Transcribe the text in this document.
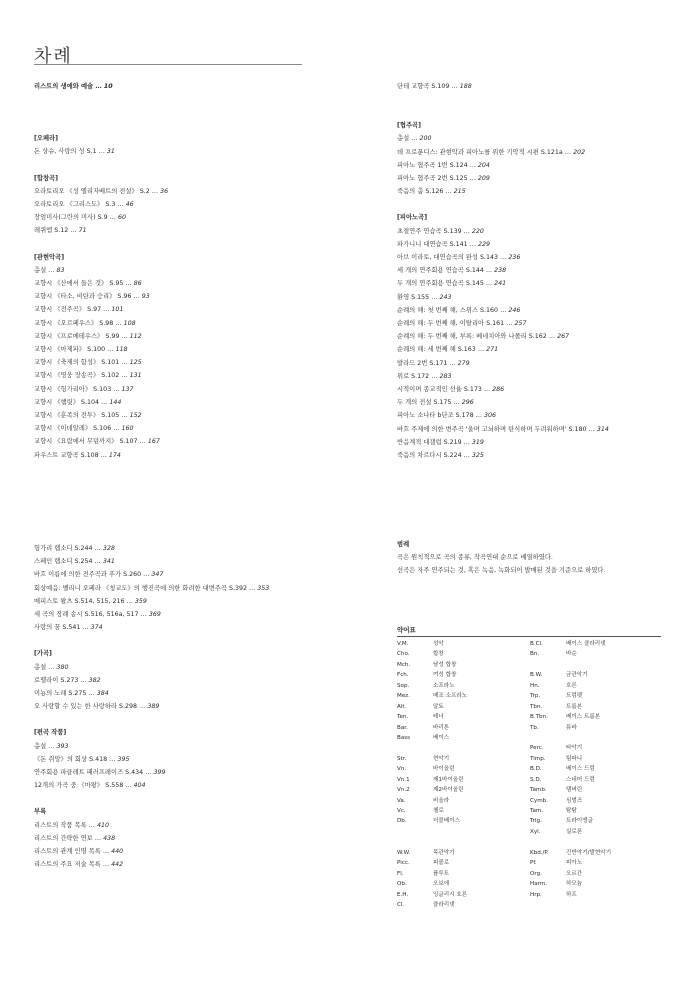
차례
리스트의 생애와 예술 … 10
[오페라]
돈 상슈, 사랑의 성 S.1 … 31
[합창곡]
오라토리오 《성 엘리자베트의 전설》 S.2 … 36
오라토리오 《그리스도》 S.3 … 46
장엄미사(그란의 미사) S.9 … 60
레퀴엠 S.12 … 71
[관현악곡]
총설 … 83
교향시 《산에서 들은 것》 S.95 … 86
교향시 《타소, 비탄과 승리》 S.96 … 93
교향시 《전주곡》 S.97 … 101
교향시 《오르페우스》 S.98 … 108
교향시 《프로메테우스》 S.99 … 112
교향시 《마제파》 S.100 … 118
교향시 《축제의 함성》 S.101 … 125
교향시 《영웅 장송곡》 S.102 … 131
교향시 《헝가리아》 S.103 … 137
교향시 《햄릿》 S.104 … 144
교향시 《훈족의 전투》 S.105 … 152
교향시 《이데알레》 S.106 … 160
교향시 《요람에서 무덤까지》 S.107 … 167
파우스트 교향곡 S.108 … 174
단테 교향곡 S.109 … 188
[협주곡]
총설 … 200
데 프로푼디스: 관현악과 피아노를 위한 기악적 시편 S.121a … 202
피아노 협주곡 1번 S.124 … 204
피아노 협주곡 2번 S.125 … 209
죽음의 춤 S.126 … 215
[피아노곡]
초절연주 연습곡 S.139 … 220
파가니니 대연습곡 S.141 … 229
아브 이라토, 대연습곡의 완성 S.143 … 236
세 개의 연주회용 연습곡 S.144 … 238
두 개의 연주회용 연습곡 S.145 … 241
환영 S.155 … 243
순례의 해: 첫 번째 해, 스위스 S.160 … 246
순례의 해: 두 번째 해, 이탈리아 S.161 … 257
순례의 해: 두 번째 해, 부록: 베네치아와 나폴리 S.162 … 267
순례의 해: 세 번째 해 S.163 … 271
발라드 2번 S.171 … 279
위로 S.172 … 283
시적이며 종교적인 선율 S.173 … 286
두 개의 전설 S.175 … 296
피아노 소나타 b단조 S.178 … 306
바흐 주제에 의한 변주곡 '울며 고뇌하며 탄식하며 두려워하며' S.180 … 314
반음계적 대갤럽 S.219 … 319
죽음의 차르다시 S.224 … 325
헝가리 랩소디 S.244 … 328
스페인 랩소디 S.254 … 341
바흐 이름에 의한 전주곡과 푸가 S.260 … 347
회상예음: 벨리니 오페라 《청교도》의 행진곡에 의한 화려한 대변주곡 S.392 … 353
메피스토 왈츠 S.514, 515, 216 … 359
세 곡의 장례 송시 S.516, 516a, 517 … 369
사랑의 꿈 S.541 … 374
[가곡]
총설 … 380
로렐라이 S.273 … 382
미뇽의 노래 S.275 … 384
오 사랑할 수 있는 한 사랑하라 S.298 … 389
[편곡 작품]
총설 … 393
《돈 쥐앙》의 회상 S.418 … 395
연주회용 파클레트 패러프레이즈 S.434 … 399
12개의 가곡 중 《마왕》 S.558 … 404
부록
리스트의 작품 목록 … 410
리스트의 간략한 연보 … 438
리스트의 관계 인명 목록 … 440
리스트의 주요 저술 목록 … 442
범례
곡은 원칙적으로 곡의 종류, 작곡연대 순으로 배열하였다.
선곡은 자주 연주되는 것, 혹은 녹음, 녹화되어 발매된 것을 기준으로 하였다.
약어표
V.M.	성악
Cho.	합창
Mch.	남성 합창
Fch.	여성 합창
Sop.	소프라노
Mez.	메조 소프라노
Alt.	알토
Ten.	테너
Bar.	바리톤
Bass	베이스
Str.	현악기
Vn.	바이올린
Vn.1	제1바이올린
Vn.2	제2바이올린
Va.	비올라
Vc.	첼로
Db.	더블베이스
W.W.	목관악기
Picc.	피콜로
Fl.	플루트
Ob.	오보에
E.H.	잉글리시 호른
Cl.	클라리넷
B.Cl.	베이스 클라리넷
Bn.	바순
B.W.	금관악기
Hn.	호른
Trp.	트럼펫
Tbn.	트롬본
B.Tbn.	베이스 트롬본
Tb.	튜바
Perc.	타악기
Timp.	팀파니
B.D.	베이스 드럼
S.D.	스네어 드럼
Tamb.	탬버린
Cymb.	심벌즈
Tam.	탐탐
Trig.	트라이앵글
Xyl.	실로폰
Kbd./P.	건반악기/발현악기
Pf.	피아노
Org.	오르간
Harm.	하모늄
Hrp.	하프
